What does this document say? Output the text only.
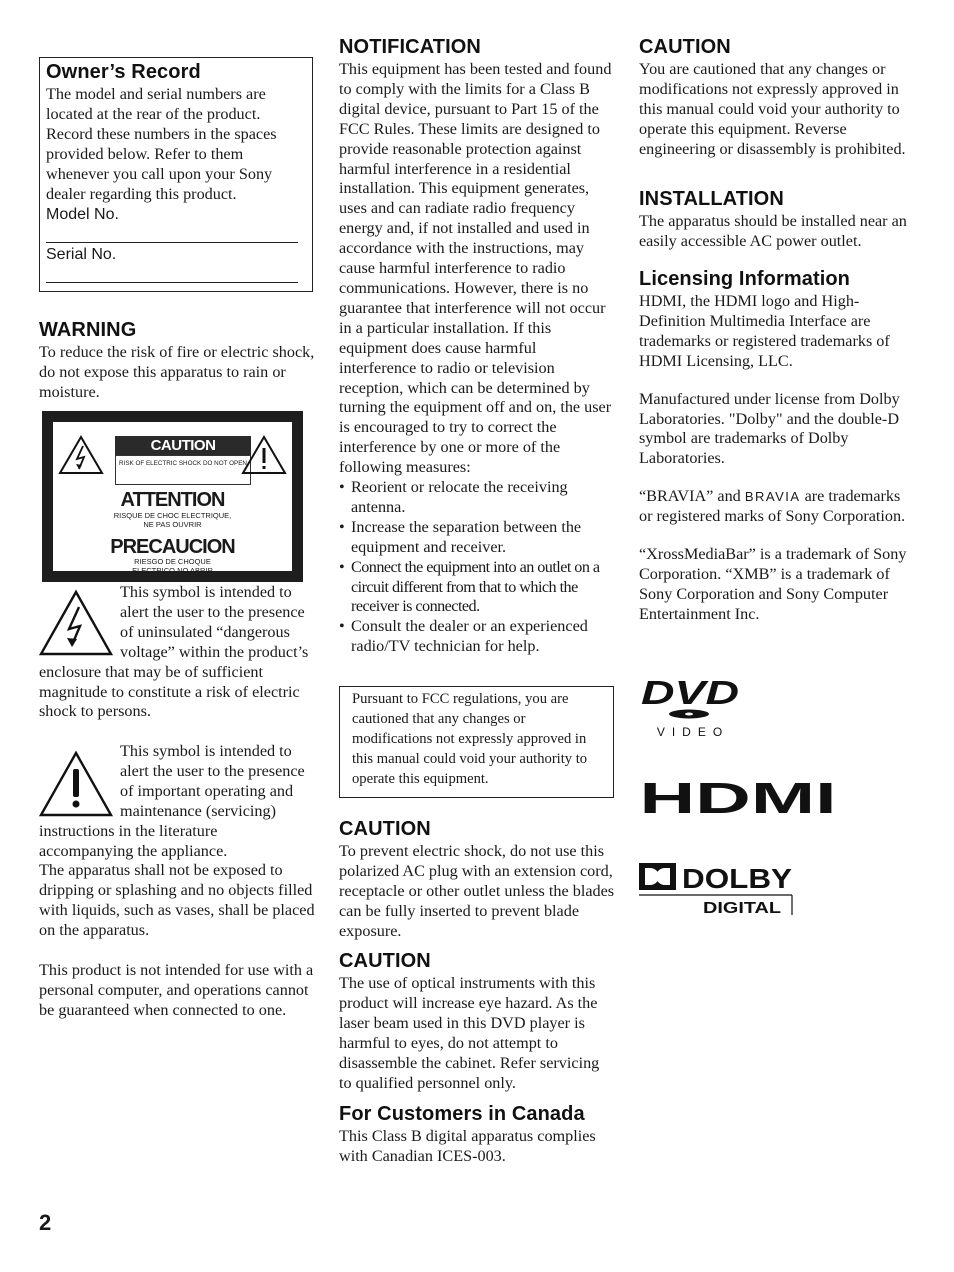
Owner’s Record

The model and serial numbers are located at the rear of the product. Record these numbers in the spaces provided below. Refer to them whenever you call upon your Sony dealer regarding this product.

Model No.
Serial No.
WARNING

To reduce the risk of fire or electric shock, do not expose this apparatus to rain or moisture.

CAUTION
RISK OF ELECTRIC SHOCK DO NOT OPEN
ATTENTION
RISQUE DE CHOC ELECTRIQUE, NE PAS OUVRIR
PRECAUCION
RIESGO DE CHOQUE ELECTRICO NO ABRIR

This symbol is intended to alert the user to the presence of uninsulated “dangerous voltage” within the product’s enclosure that may be of sufficient magnitude to constitute a risk of electric shock to persons.

This symbol is intended to alert the user to the presence of important operating and maintenance (servicing) instructions in the literature accompanying the appliance.

The apparatus shall not be exposed to dripping or splashing and no objects filled with liquids, such as vases, shall be placed on the apparatus.

This product is not intended for use with a personal computer, and operations cannot be guaranteed when connected to one.

2
NOTIFICATION

This equipment has been tested and found to comply with the limits for a Class B digital device, pursuant to Part 15 of the FCC Rules. These limits are designed to provide reasonable protection against harmful interference in a residential installation. This equipment generates, uses and can radiate radio frequency energy and, if not installed and used in accordance with the instructions, may cause harmful interference to radio communications. However, there is no guarantee that interference will not occur in a particular installation. If this equipment does cause harmful interference to radio or television reception, which can be determined by turning the equipment off and on, the user is encouraged to try to correct the interference by one or more of the following measures:

• Reorient or relocate the receiving antenna.
• Increase the separation between the equipment and receiver.
• Connect the equipment into an outlet on a circuit different from that to which the receiver is connected.
• Consult the dealer or an experienced radio/TV technician for help.

Pursuant to FCC regulations, you are cautioned that any changes or modifications not expressly approved in this manual could void your authority to operate this equipment.

CAUTION

To prevent electric shock, do not use this polarized AC plug with an extension cord, receptacle or other outlet unless the blades can be fully inserted to prevent blade exposure.

CAUTION

The use of optical instruments with this product will increase eye hazard. As the laser beam used in this DVD player is harmful to eyes, do not attempt to disassemble the cabinet. Refer servicing to qualified personnel only.

For Customers in Canada

This Class B digital apparatus complies with Canadian ICES-003.

CAUTION

You are cautioned that any changes or modifications not expressly approved in this manual could void your authority to operate this equipment. Reverse engineering or disassembly is prohibited.

INSTALLATION

The apparatus should be installed near an easily accessible AC power outlet.

Licensing Information

HDMI, the HDMI logo and High-Definition Multimedia Interface are trademarks or registered trademarks of HDMI Licensing, LLC.

Manufactured under license from Dolby Laboratories. "Dolby" and the double-D symbol are trademarks of Dolby Laboratories.

“BRAVIA” and BRAVIA are trademarks or registered marks of Sony Corporation.

“XrossMediaBar” is a trademark of Sony Corporation. “XMB” is a trademark of Sony Corporation and Sony Computer Entertainment Inc.

DVD
VIDEO
HDMI
DOLBY
DIGITAL
